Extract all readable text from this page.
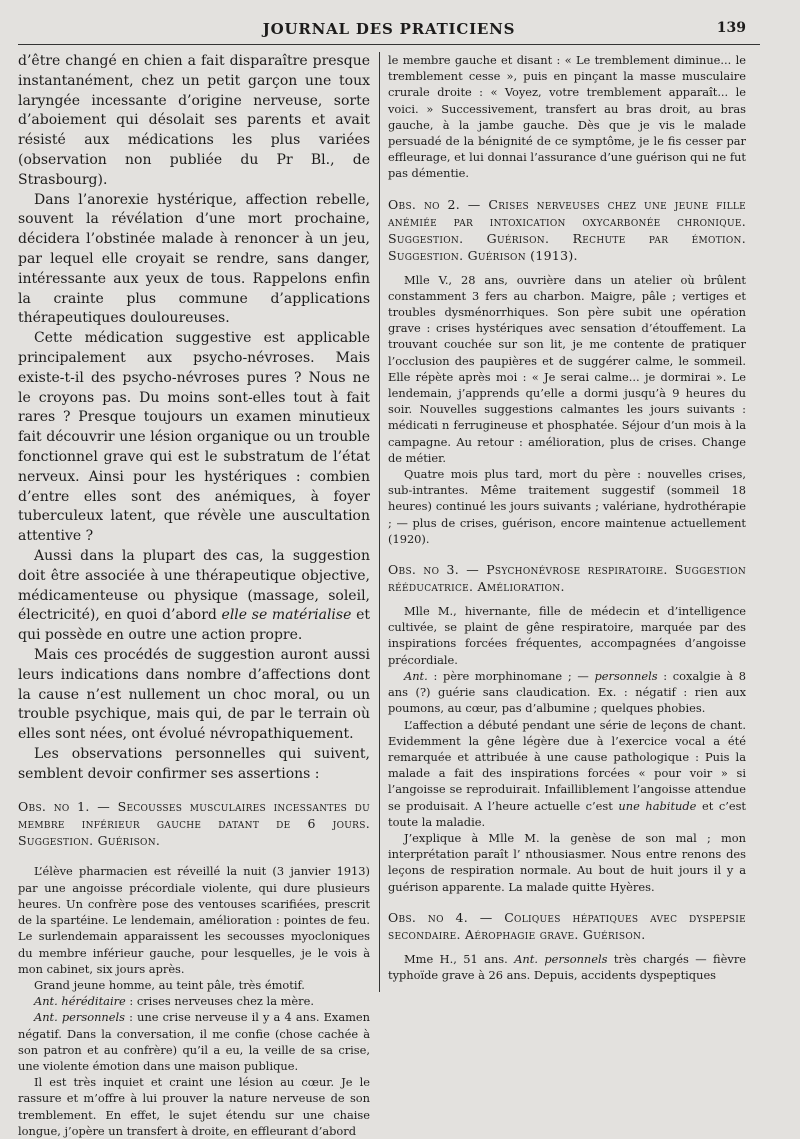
JOURNAL DES PRATICIENS	139

d’être changé en chien a fait disparaître presque instantanément, chez un petit garçon une toux laryngée incessante d’origine nerveuse, sorte d’aboiement qui désolait ses parents et avait résisté aux médications les plus variées (observation non publiée du Pr Bl., de Strasbourg).

Dans l’anorexie hystérique, affection rebelle, souvent la révélation d’une mort prochaine, décidera l’obstinée malade à renoncer à un jeu, par lequel elle croyait se rendre, sans danger, intéressante aux yeux de tous. Rappelons enfin la crainte plus commune d’applications thérapeutiques douloureuses.

Cette médication suggestive est applicable principalement aux psycho-névroses. Mais existe-t-il des psycho-névroses pures ? Nous ne le croyons pas. Du moins sont-elles tout à fait rares ? Presque toujours un examen minutieux fait découvrir une lésion organique ou un trouble fonctionnel grave qui est le substratum de l’état nerveux. Ainsi pour les hystériques : combien d’entre elles sont des anémiques, à foyer tuberculeux latent, que révèle une auscultation attentive ?

Aussi dans la plupart des cas, la suggestion doit être associée à une thérapeutique objective, médicamenteuse ou physique (massage, soleil, électricité), en quoi d’abord elle se matérialise et qui possède en outre une action propre.

Mais ces procédés de suggestion auront aussi leurs indications dans nombre d’affections dont la cause n’est nullement un choc moral, ou un trouble psychique, mais qui, de par le terrain où elles sont nées, ont évolué névropathiquement.

Les observations personnelles qui suivent, semblent devoir confirmer ses assertions :

Obs. no 1. — Secousses musculaires incessantes du membre inférieur gauche datant de 6 jours. Suggestion. Guérison.

L’élève pharmacien est réveillé la nuit (3 janvier 1913) par une angoisse précordiale violente, qui dure plusieurs heures. Un confrère pose des ventouses scarifiées, prescrit de la spartéine. Le lendemain, amélioration : pointes de feu. Le surlendemain apparaissent les secousses myocloniques du membre inférieur gauche, pour lesquelles, je le vois à mon cabinet, six jours après.

Grand jeune homme, au teint pâle, très émotif.

Ant. héréditaire : crises nerveuses chez la mère.

Ant. personnels : une crise nerveuse il y a 4 ans. Examen négatif. Dans la conversation, il me confie (chose cachée à son patron et au confrère) qu’il a eu, la veille de sa crise, une violente émotion dans une maison publique.

Il est très inquiet et craint une lésion au cœur. Je le rassure et m’offre à lui prouver la nature nerveuse de son tremblement. En effet, le sujet étendu sur une chaise longue, j’opère un transfert à droite, en effleurant d’abord

le membre gauche et disant : « Le tremblement diminue... le tremblement cesse », puis en pinçant la masse musculaire crurale droite : « Voyez, votre tremblement apparaît... le voici. » Successivement, transfert au bras droit, au bras gauche, à la jambe gauche. Dès que je vis le malade persuadé de la bénignité de ce symptôme, je le fis cesser par effleurage, et lui donnai l’assurance d’une guérison qui ne fut pas démentie.

Obs. no 2. — Crises nerveuses chez une jeune fille anémiée par intoxication oxycarbonée chronique. Suggestion. Guérison. Rechute par émotion. Suggestion. Guérison (1913).

Mlle V., 28 ans, ouvrière dans un atelier où brûlent constamment 3 fers au charbon. Maigre, pâle ; vertiges et troubles dysménorrhiques. Son père subit une opération grave : crises hystériques avec sensation d’étouffement. La trouvant couchée sur son lit, je me contente de pratiquer l’occlusion des paupières et de suggérer calme, le sommeil. Elle répète après moi : « Je serai calme... je dormirai ». Le lendemain, j’apprends qu’elle a dormi jusqu’à 9 heures du soir. Nouvelles suggestions calmantes les jours suivants : médicati n ferrugineuse et phosphatée. Séjour d’un mois à la campagne. Au retour : amélioration, plus de crises. Change de métier.

Quatre mois plus tard, mort du père : nouvelles crises, sub-intrantes. Même traitement suggestif (sommeil 18 heures) continué les jours suivants ; valériane, hydrothérapie ; — plus de crises, guérison, encore maintenue actuellement (1920).

Obs. no 3. — Psychonévrose respiratoire. Suggestion rééducatrice. Amélioration.

Mlle M., hivernante, fille de médecin et d’intelligence cultivée, se plaint de gêne respiratoire, marquée par des inspirations forcées fréquentes, accompagnées d’angoisse précordiale.

Ant. : père morphinomane ; — personnels : coxalgie à 8 ans (?) guérie sans claudication. Ex. : négatif : rien aux poumons, au cœur, pas d’albumine ; quelques phobies.

L’affection a débuté pendant une série de leçons de chant. Evidemment la gêne légère due à l’exercice vocal a été remarquée et attribuée à une cause pathologique : Puis la malade a fait des inspirations forcées « pour voir » si l’angoisse se reproduirait. Infailliblement l’angoisse attendue se produisait. A l’heure actuelle c’est une habitude et c’est toute la maladie.

J’explique à Mlle M. la genèse de son mal ; mon interprétation paraît l’ nthousiasmer. Nous entre renons des leçons de respiration normale. Au bout de huit jours il y a guérison apparente. La malade quitte Hyères.

Obs. no 4. — Coliques hépatiques avec dyspepsie secondaire. Aérophagie grave. Guérison.

Mme H., 51 ans. Ant. personnels très chargés — fièvre typhoïde grave à 26 ans. Depuis, accidents dyspeptiques
